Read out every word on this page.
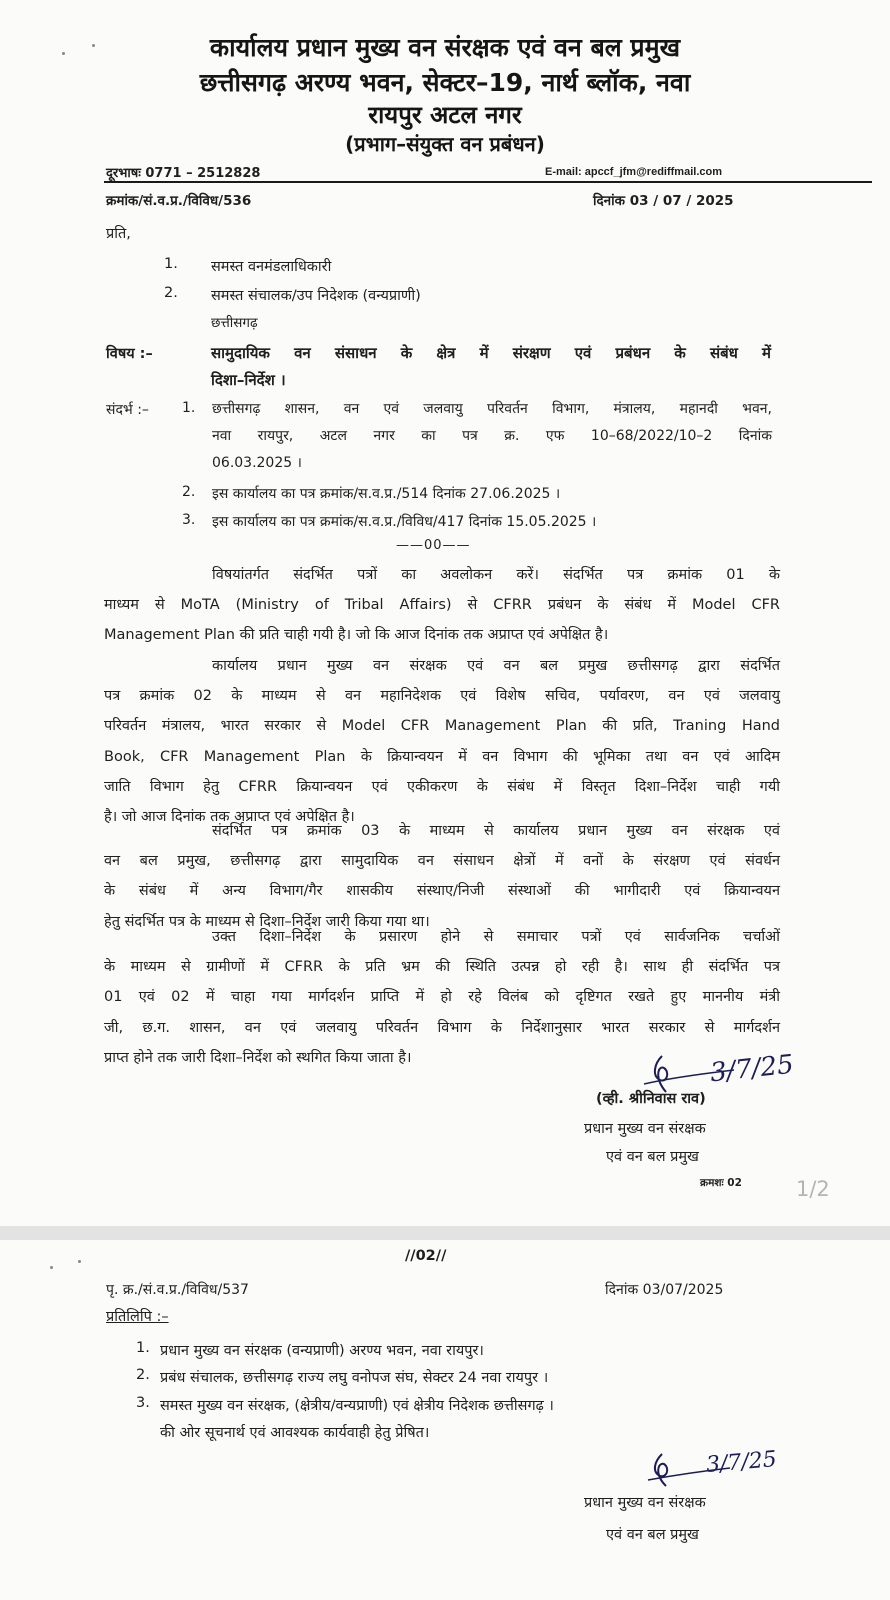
कार्यालय प्रधान मुख्य वन संरक्षक एवं वन बल प्रमुख
छत्तीसगढ़ अरण्य भवन, सेक्टर–19, नार्थ ब्लॉक, नवा
रायपुर अटल नगर
(प्रभाग–संयुक्त वन प्रबंधन)
दूरभाषः 0771 – 2512828	E-mail: apccf_jfm@rediffmail.com
क्रमांक/सं.व.प्र./विविध/536	दिनांक 03 / 07 / 2025
प्रति,
1. समस्त वनमंडलाधिकारी
2. समस्त संचालक/उप निदेशक (वन्यप्राणी)
छत्तीसगढ़
विषय :–	सामुदायिक वन संसाधन के क्षेत्र में संरक्षण एवं प्रबंधन के संबंध में
दिशा–निर्देश ।
संदर्भ :– 1. छत्तीसगढ़ शासन, वन एवं जलवायु परिवर्तन विभाग, मंत्रालय, महानदी भवन,
नवा रायपुर, अटल नगर का पत्र क्र. एफ 10–68/2022/10–2 दिनांक
06.03.2025 ।
2. इस कार्यालय का पत्र क्रमांक/स.व.प्र./514 दिनांक 27.06.2025 ।
3. इस कार्यालय का पत्र क्रमांक/स.व.प्र./विविध/417 दिनांक 15.05.2025 ।
——00——
विषयांतर्गत संदर्भित पत्रों का अवलोकन करें। संदर्भित पत्र क्रमांक 01 के
माध्यम से MoTA (Ministry of Tribal Affairs) से CFRR प्रबंधन के संबंध में Model CFR
Management Plan की प्रति चाही गयी है। जो कि आज दिनांक तक अप्राप्त एवं अपेक्षित है।
कार्यालय प्रधान मुख्य वन संरक्षक एवं वन बल प्रमुख छत्तीसगढ़ द्वारा संदर्भित
पत्र क्रमांक 02 के माध्यम से वन महानिदेशक एवं विशेष सचिव, पर्यावरण, वन एवं जलवायु
परिवर्तन मंत्रालय, भारत सरकार से Model CFR Management Plan की प्रति, Traning Hand
Book, CFR Management Plan के क्रियान्वयन में वन विभाग की भूमिका तथा वन एवं आदिम
जाति विभाग हेतु CFRR क्रियान्वयन एवं एकीकरण के संबंध में विस्तृत दिशा–निर्देश चाही गयी
है। जो आज दिनांक तक अप्राप्त एवं अपेक्षित है।
संदर्भित पत्र क्रमांक 03 के माध्यम से कार्यालय प्रधान मुख्य वन संरक्षक एवं
वन बल प्रमुख, छत्तीसगढ़ द्वारा सामुदायिक वन संसाधन क्षेत्रों में वनों के संरक्षण एवं संवर्धन
के संबंध में अन्य विभाग/गैर शासकीय संस्थाए/निजी संस्थाओं की भागीदारी एवं क्रियान्वयन
हेतु संदर्भित पत्र के माध्यम से दिशा–निर्देश जारी किया गया था।
उक्त दिशा–निर्देश के प्रसारण होने से समाचार पत्रों एवं सार्वजनिक चर्चाओं
के माध्यम से ग्रामीणों में CFRR के प्रति भ्रम की स्थिति उत्पन्न हो रही है। साथ ही संदर्भित पत्र
01 एवं 02 में चाहा गया मार्गदर्शन प्राप्ति में हो रहे विलंब को दृष्टिगत रखते हुए माननीय मंत्री
जी, छ.ग. शासन, वन एवं जलवायु परिवर्तन विभाग के निर्देशानुसार भारत सरकार से मार्गदर्शन
प्राप्त होने तक जारी दिशा–निर्देश को स्थगित किया जाता है।	3/7/25
(व्ही. श्रीनिवास राव)
प्रधान मुख्य वन संरक्षक
एवं वन बल प्रमुख
क्रमशः 02	1/2
//02//
पृ. क्र./सं.व.प्र./विविध/537	दिनांक 03/07/2025
प्रतिलिपि :–
1. प्रधान मुख्य वन संरक्षक (वन्यप्राणी) अरण्य भवन, नवा रायपुर।
2. प्रबंध संचालक, छत्तीसगढ़ राज्य लघु वनोपज संघ, सेक्टर 24 नवा रायपुर ।
3. समस्त मुख्य वन संरक्षक, (क्षेत्रीय/वन्यप्राणी) एवं क्षेत्रीय निदेशक छत्तीसगढ़ ।
की ओर सूचनार्थ एवं आवश्यक कार्यवाही हेतु प्रेषित।
3/7/25
प्रधान मुख्य वन संरक्षक
एवं वन बल प्रमुख
